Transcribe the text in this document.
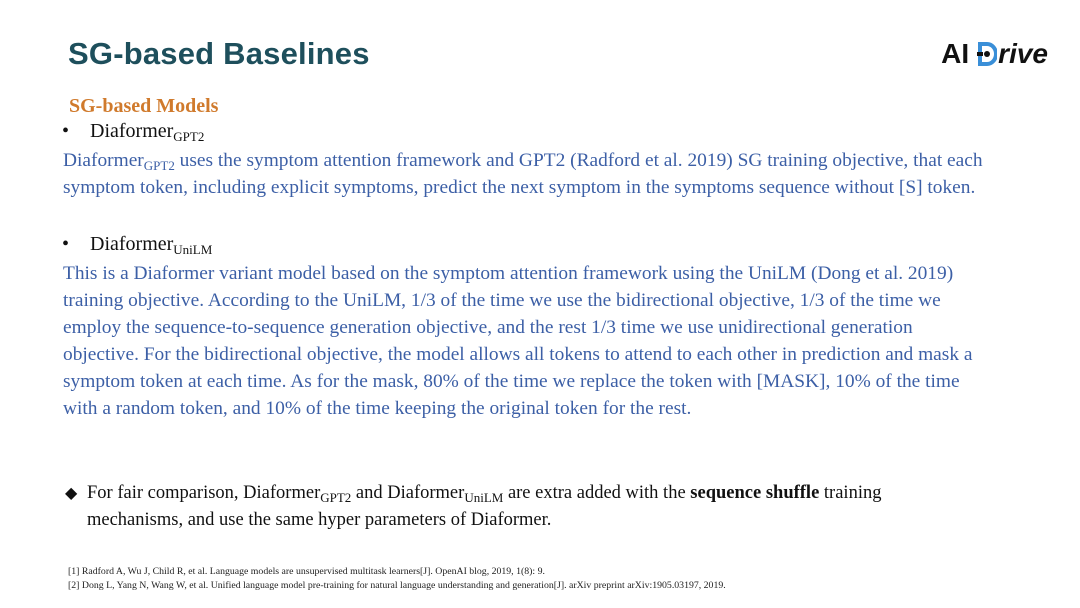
SG-based Baselines	AI rive
SG-based Models
• Diaformer$_{GPT2}$
Diaformer$_{GPT2}$ uses the symptom attention framework and GPT2 (Radford et al. 2019) SG training objective, that each symptom token, including explicit symptoms, predict the next symptom in the symptoms sequence without [S] token.
• Diaformer$_{UniLM}$
This is a Diaformer variant model based on the symptom attention framework using the UniLM (Dong et al. 2019) training objective. According to the UniLM, 1/3 of the time we use the bidirectional objective, 1/3 of the time we employ the sequence-to-sequence generation objective, and the rest 1/3 time we use unidirectional generation objective. For the bidirectional objective, the model allows all tokens to attend to each other in prediction and mask a symptom token at each time. As for the mask, 80% of the time we replace the token with [MASK], 10% of the time with a random token, and 10% of the time keeping the original token for the rest.
◆ For fair comparison, Diaformer$_{GPT2}$ and Diaformer$_{UniLM}$ are extra added with the sequence shuffle training
mechanisms, and use the same hyper parameters of Diaformer.
[1] Radford A, Wu J, Child R, et al. Language models are unsupervised multitask learners[J]. OpenAI blog, 2019, 1(8): 9.
[2] Dong L, Yang N, Wang W, et al. Unified language model pre-training for natural language understanding and generation[J]. arXiv preprint arXiv:1905.03197, 2019.
